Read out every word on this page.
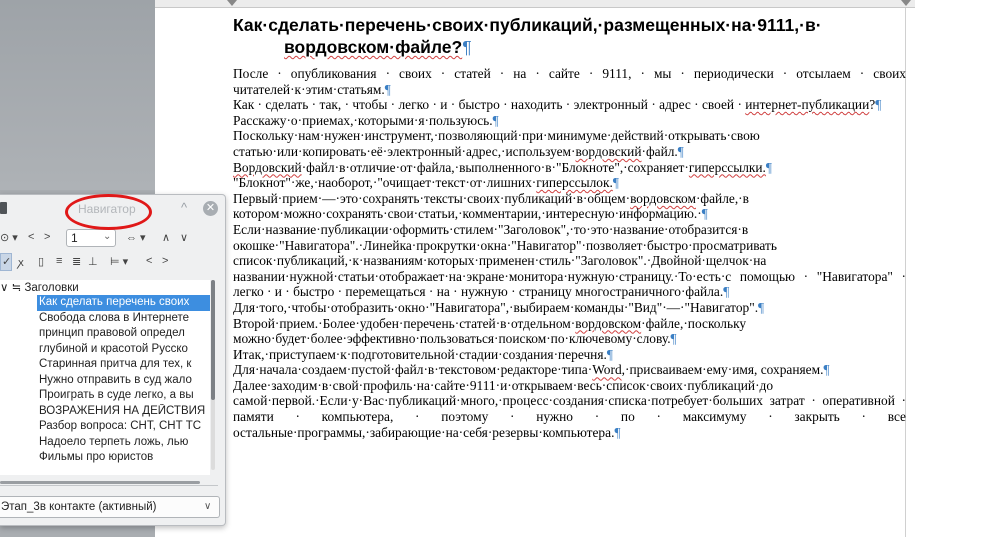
Как·сделать·перечень·своих·публикаций,·размещенных·на·9111,·в·
вордовском·файле?¶

После · опубликования · своих · статей · на · сайте · 9111, · мы · периодически · отсылаем · своих читателей·к·этим·статьям.¶

Как · сделать · так, · чтобы · легко · и · быстро · находить · электронный · адрес · своей · интернет-публикации?¶

Расскажу·о·приемах,·которыми·я·пользуюсь.¶

Поскольку·нам·нужен·инструмент,·позволяющий·при·минимуме·действий·открывать·свою статью·или·копировать·её·электронный·адрес,·используем·вордовский·файл.¶

Вордовский·файл·в·отличие·от·файла,·выполненного·в·"Блокноте",·сохраняет·гиперссылки.¶

"Блокнот"·же,·наоборот,·"очищает·текст·от·лишних·гиперссылок.¶

Первый·прием·—·это·сохранять·тексты·своих·публикаций·в·общем·вордовском·файле,·в котором·можно·сохранять·свои·статьи,·комментарии,·интересную·информацию.·¶

Если·название·публикации·оформить·стилем·"Заголовок",·то·это·название·отобразится·в окошке·"Навигатора".·Линейка·прокрутки·окна·"Навигатор"·позволяет·быстро·просматривать список·публикаций,·к·названиям·которых·применен·стиль·"Заголовок".·Двойной·щелчок·на названии·нужной·статьи·отображает·на·экране·монитора·нужную·страницу.·То·есть·с помощью · "Навигатора" · легко · и · быстро · перемещаться · на · нужную · страницу многостраничного·файла.¶

Для·того,·чтобы·отобразить·окно·"Навигатора",·выбираем·команды·"Вид"·—·"Навигатор".¶

Второй·прием.·Более·удобен·перечень·статей·в·отдельном·вордовском·файле,·поскольку можно·будет·более·эффективно·пользоваться·поиском·по·ключевому·слову.¶

Итак,·приступаем·к·подготовительной·стадии·создания·перечня.¶

Для·начала·создаем·пустой·файл·в·текстовом·редакторе·типа·Word,·присваиваем·ему·имя, сохраняем.¶

Далее·заходим·в·свой·профиль·на·сайте·9111·и·открываем·весь·список·своих·публикаций·до самой·первой.·Если·у·Вас·публикаций·много,·процесс·создания·списка·потребует·больших затрат · оперативной · памяти · компьютера, · поэтому · нужно · по · максимуму · закрыть · все остальные·программы,·забирающие·на·себя·резервы·компьютера.¶

Навигатор	^ ✕
⊙ ▾ < > 1	⌄ ⇔ ▾ ∧ ∨
✓ ꭗ ▯ ≡ ≣ ⊥ ⊨ ▾ < >
∨ ≒ Заголовки
Как сделать перечень своих
Свобода слова в Интернете
принцип правовой определ
глубиной и красотой Русско
Старинная притча для тех, к
Нужно отправить в суд жало
Проиграть в суде легко, а вы
ВОЗРАЖЕНИЯ НА ДЕЙСТВИЯ
Разбор вопроса: СНТ, СНТ ТС
Надоело терпеть ложь, лью
Фильмы про юристов
Этап_3в контакте (активный)	∨
